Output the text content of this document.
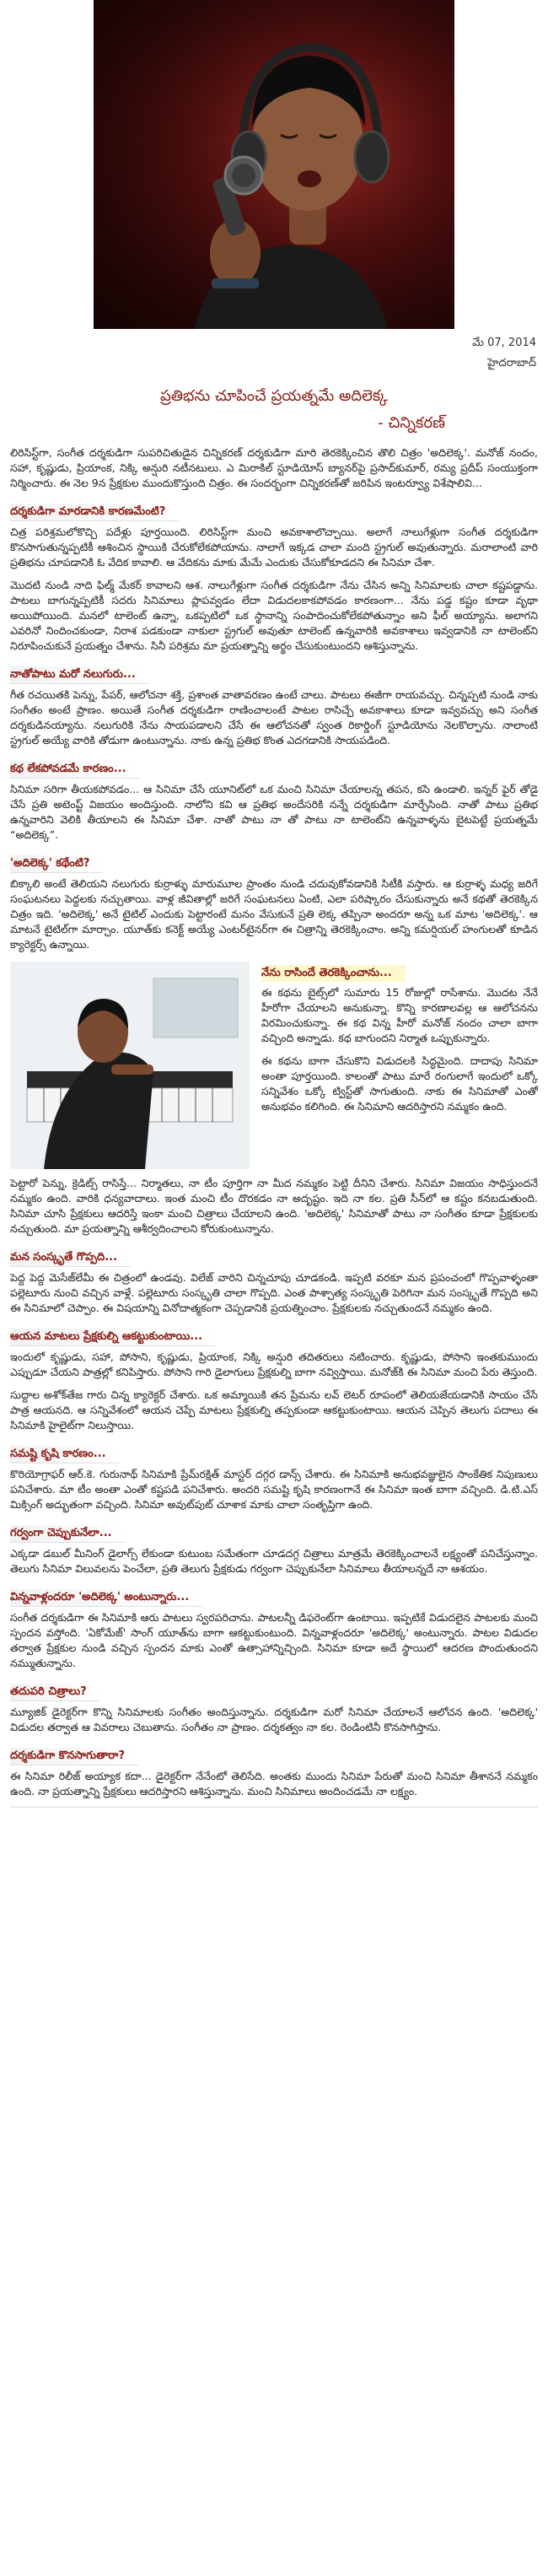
మే 07, 2014
హైదరాబాద్
ప్రతిభను చూపించే ప్రయత్నమే అదిలెక్క
- చిన్నికరణ్

లిరిసిస్ట్‌గా, సంగీత దర్శకుడిగా సుపరిచితుడైన చిన్నికరణ్ దర్శకుడిగా మారి తెరకెక్కించిన తొలి చిత్రం 'అదిలెక్క'. మనోజ్ నందం, సహా, కృష్ణుడు, ప్రియాంక, నిక్కి అన్షురి నటీనటులు. ఎ మిరాకిల్ స్టూడియోస్ బ్యానర్‌పై ప్రసాద్‌కుమార్, రమ్య ప్రదీప్ సంయుక్తంగా నిర్మించారు. ఈ నెల 9న ప్రేక్షకుల ముందుకొస్తుంది చిత్రం. ఈ సందర్భంగా చిన్నికరణ్‌తో జరిపిన ఇంటర్వ్యూ విశేషాలివి...

దర్శకుడిగా మారడానికి కారణమేంటి?

చిత్ర పరిశ్రమలోకొచ్చి పదేళ్లు పూర్తయింది. లిరిసిస్ట్‌గా మంచి అవకాశాలొచ్చాయి. అలాగే నాలుగేళ్లుగా సంగీత దర్శకుడిగా కొనసాగుతున్నప్పటికీ ఆశించిన స్థాయికి చేరుకోలేకపోయాను. నాలాగే ఇక్కడ చాలా మంది స్ట్రగుల్ అవుతున్నారు. మరాలాంటి వారి ప్రతిభను చూపడానికి ఓ వేదిక కావాలి. ఆ వేదికను మాకు మేమే ఎందుకు చేసుకోకూడదని ఈ సినిమా చేశా.

మొదటి నుండి నాది ఫిల్మ్ మేకర్ కావాలని ఆశ. నాలుగేళ్లుగా సంగీత దర్శకుడిగా నేను చేసిన అన్ని సినిమాలకు చాలా కష్టపడ్డాను. పాటలు బాగున్నప్పటికీ సదరు సినిమాలు ప్లాపవ్వడం లేదా విడుదలకాకపోవడం కారణంగా... నేను పడ్డ కష్టం కూడా వృథా అయిపోయింది. మనలో టాలెంట్ ఉన్నా, ఒకప్పటిలో ఒక స్థానాన్ని సంపాదించుకోలేకపోతున్నాం అని ఫీల్ అయ్యాను. అలాగని ఎవరినో నిందించకుండా, నిరాశ పడకుండా నాకులా స్ట్రగుల్ అవుతూ టాలెంట్ ఉన్నవారికి అవకాశాలు ఇవ్వడానికి నా టాలెంట్‌ని నిరూపించుకునే ప్రయత్నం చేశాను. సినీ పరిశ్రమ మా ప్రయత్నాన్ని అర్థం చేసుకుంటుందని ఆశిస్తున్నాను.

నాతోపాటు మరో నలుగురు...

గీత రచయితకి పెన్ను, పేపర్, ఆలోచనా శక్తి, ప్రశాంత వాతావరణం ఉంటే చాలు. పాటలు ఈజీగా రాయవచ్చు. చిన్నప్పటి నుండి నాకు సంగీతం అంటే ప్రాణం. అయితే సంగీత దర్శకుడిగా రాణించాలంటే పాటల రాసిచ్చే అవకాశాలు కూడా ఇవ్వవచ్చు అని సంగీత దర్శకుడినయ్యాను. నలుగురికి నేను సాయపడాలని చేసే ఈ ఆలోచనతో స్వంత రికార్డింగ్ స్టూడియోను నెలకొల్పాను. నాలాంటి స్ట్రగుల్ అయ్యే వారికి తోడుగా ఉంటున్నాను. నాకు ఉన్న ప్రతిభ కొంత ఎదగడానికి సాయపడింది.

కథ లేకపోవడమే కారణం...

సినిమా సరిగా తీయకపోవడం... ఆ సినిమా చేసే యూనిట్‌లో ఒక మంచి సినిమా చేయాలన్న తపన, కసి ఉండాలి. ఇన్నర్ ఫైర్ తోడై చేసే ప్రతి అటెంప్ట్ విజయం అందిస్తుంది. నాలోని కవి ఆ ప్రతిభ అందేసరికి నన్నే దర్శకుడిగా మార్చేసింది. నాతో పాటు ప్రతిభ ఉన్నవారిని వెలికి తీయాలని ఈ సినిమా చేశా. నాతో పాటు నా తో పాటు నా టాలెంట్‌ని ఉన్నవాళ్ళను బైటపెట్టే ప్రయత్నమే “అదిలెక్క”.

'అదిలెక్క' కథేంటి?

బిక్కాలి అంటే తెలియని నలుగురు కుర్రాళ్ళు మారుమూల ప్రాంతం నుండి చదువుకోవడానికి సిటీకి వస్తారు. ఆ కుర్రాళ్ళ మధ్య జరిగే సంఘటనలు పెద్దలకు నచ్చుతాయి. వాళ్ల జీవితాల్లో జరిగే సంఘటనలు ఏంటి, ఎలా పరిష్కారం చేసుకున్నారు అనే కథతో తెరకెక్కిన చిత్రం ఇది. 'అదిలెక్క' అనే టైటిల్ ఎందుకు పెట్టారంటే మనం వేసుకునే ప్రతి లెక్క తప్పినా అందరూ అన్న ఒక మాట 'అదిలెక్క'. ఆ మాటనే టైటిల్‌గా మార్చాం. యూత్‌కు కనెక్ట్ అయ్యే ఎంటర్‌టైనర్‌గా ఈ చిత్రాన్ని తెరకెక్కించాం. అన్ని కమర్షియల్ హంగులతో కూడిన క్యారెక్టర్స్ ఉన్నాయి.

నేను రాసిందే తెరకెక్కించాను...

ఈ కథను బైట్స్‌లో సుమారు 15 రోజుల్లో రాసేశాను. మొదట నేనే హీరోగా చేయాలని అనుకున్నా. కొన్ని కారణాలవల్ల ఆ ఆలోచనను విరమించుకున్నా. ఈ కథ విన్న హీరో మనోజ్ నందం చాలా బాగా వచ్చింది అన్నాడు. కథ బాగుందని నిర్మాత ఒప్పుకున్నారు.

ఈ కథను బాగా చేసుకొని విడుదలకి సిద్ధమైంది. దాదాపు సినిమా అంతా పూర్తయింది. కాలంతో పాటు మారే రంగులాగే ఇందులో ఒక్కో సన్నివేశం ఒక్కో ట్విస్ట్‌తో సాగుతుంది. నాకు ఈ సినిమాతో ఎంతో అనుభవం కలిగింది. ఈ సినిమాని ఆదరిస్తారని నమ్మకం ఉంది.

పెట్టారో పెన్ను, క్రెడిట్స్ రాసిస్తే... నిర్మాతలు, నా టీం పూర్తిగా నా మీద నమ్మకం పెట్టి దీనిని చేశారు. సినిమా విజయం సాధిస్తుందనే నమ్మకం ఉంది. వారికి ధన్యవాదాలు. ఇంత మంచి టీం దొరకడం నా అదృష్టం. ఇది నా కల. ప్రతి సీన్‌లో ఆ కష్టం కనబడుతుంది. సినిమా చూసి ప్రేక్షకులు ఆదరిస్తే ఇంకా మంచి చిత్రాలు చేయాలని ఉంది. 'అదిలెక్క' సినిమాతో పాటు నా సంగీతం కూడా ప్రేక్షకులకు నచ్చుతుంది. మా ప్రయత్నాన్ని ఆశీర్వదించాలని కోరుకుంటున్నాను.

మన సంస్కృతే గొప్పది...

పెద్ద పెద్ద మెసేజ్‌లేమీ ఈ చిత్రంలో ఉండవు. విలేజ్ వారిని చిన్నచూపు చూడకండి. ఇప్పటి వరకూ మన ప్రపంచంలో గొప్పవాళ్ళంతా పల్లెటూరు నుంచి వచ్చిన వాళ్లే. పల్లెటూరు సంస్కృతి చాలా గొప్పది. ఎంత పాశ్చాత్య సంస్కృతి పెరిగినా మన సంస్కృతే గొప్పది అని ఈ సినిమాలో చెప్పాం. ఈ విషయాన్ని వినోదాత్మకంగా చెప్పడానికి ప్రయత్నించాం. ప్రేక్షకులకు నచ్చుతుందనే నమ్మకం ఉంది.

ఆయన మాటలు ప్రేక్షకుల్ని ఆకట్టుకుంటాయి...

ఇందులో కృష్ణుడు, సహా, పోసాని, కృష్ణుడు, ప్రియాంక, నిక్కి అన్షురి తదితరులు నటించారు. కృష్ణుడు, పోసాని ఇంతకుముందు ఎప్పుడూ చేయని పాత్రల్లో కనిపిస్తారు. పోసాని గారి డైలాగులు ప్రేక్షకుల్ని బాగా నవ్విస్తాయి. మనోజ్‌కి ఈ సినిమా మంచి పేరు తెస్తుంది.

సుద్దాల అశోక్‌తేజ గారు చిన్న క్యారెక్టర్ చేశారు. ఒక అమ్మాయికి తన ప్రేమను లవ్ లెటర్ రూపంలో తెలియజేయడానికి సాయం చేసే పాత్ర ఆయనది. ఆ సన్నివేశంలో ఆయన చెప్పే మాటలు ప్రేక్షకుల్ని తప్పకుండా ఆకట్టుకుంటాయి. ఆయన చెప్పిన తెలుగు పదాలు ఈ సినిమాకి హైలైట్‌గా నిలుస్తాయి.

సమష్టి కృషి కారణం...

కొరియోగ్రాఫర్ ఆర్.కె. గురునాథ్ సినిమాకి ప్రేమ్‌రక్షిత్ మాస్టర్ దగ్గర డాన్స్ చేశారు. ఈ సినిమాకి అనుభవజ్ఞులైన సాంకేతిక నిపుణులు పనిచేశారు. మా టీం అంతా ఎంతో కష్టపడి పనిచేశారు. అందరి సమష్టి కృషి కారణంగానే ఈ సినిమా ఇంత బాగా వచ్చింది. డి.టి.ఎస్ మిక్సింగ్ అద్భుతంగా వచ్చింది. సినిమా అవుట్‌పుట్ చూశాక మాకు చాలా సంతృప్తిగా ఉంది.

గర్వంగా చెప్పుకునేలా...

ఎక్కడా డబుల్ మీనింగ్ డైలాగ్స్ లేకుండా కుటుంబ సమేతంగా చూడదగ్గ చిత్రాలు మాత్రమే తెరకెక్కించాలనే లక్ష్యంతో పనిచేస్తున్నాం. తెలుగు సినిమా విలువలను పెంచేలా, ప్రతి తెలుగు ప్రేక్షకుడు గర్వంగా చెప్పుకునేలా సినిమాలు తీయాలన్నదే నా ఆశయం.

విన్నవాళ్లందరూ 'అదిలెక్క' అంటున్నారు...

సంగీత దర్శకుడిగా ఈ సినిమాకి ఆరు పాటలు స్వరపరిచాను. పాటలన్నీ డిఫరెంట్‌గా ఉంటాయి. ఇప్పటికే విడుదలైన పాటలకు మంచి స్పందన వస్తోంది. 'ఏకోమేజ్' సాంగ్ యూత్‌ను బాగా ఆకట్టుకుంటుంది. విన్నవాళ్లందరూ 'అదిలెక్క' అంటున్నారు. పాటల విడుదల తర్వాత ప్రేక్షకుల నుండి వచ్చిన స్పందన మాకు ఎంతో ఉత్సాహాన్నిచ్చింది. సినిమా కూడా అదే స్థాయిలో ఆదరణ పొందుతుందని నమ్ముతున్నాను.

తదుపరి చిత్రాలు?

మ్యూజిక్ డైరెక్టర్‌గా కొన్ని సినిమాలకు సంగీతం అందిస్తున్నాను. దర్శకుడిగా మరో సినిమా చేయాలనే ఆలోచన ఉంది. 'అదిలెక్క' విడుదల తర్వాత ఆ వివరాలు చెబుతాను. సంగీతం నా ప్రాణం. దర్శకత్వం నా కల. రెండింటినీ కొనసాగిస్తాను.

దర్శకుడిగా కొనసాగుతారా?

ఈ సినిమా రిలీజ్ అయ్యాక కదా... డైరెక్టర్‌గా నేనేంటో తెలిసేది. అంతకు ముందు సినిమా పేరుతో మంచి సినిమా తీశాననే నమ్మకం ఉంది. నా ప్రయత్నాన్ని ప్రేక్షకులు ఆదరిస్తారని ఆశిస్తున్నాను. మంచి సినిమాలు అందించడమే నా లక్ష్యం.
